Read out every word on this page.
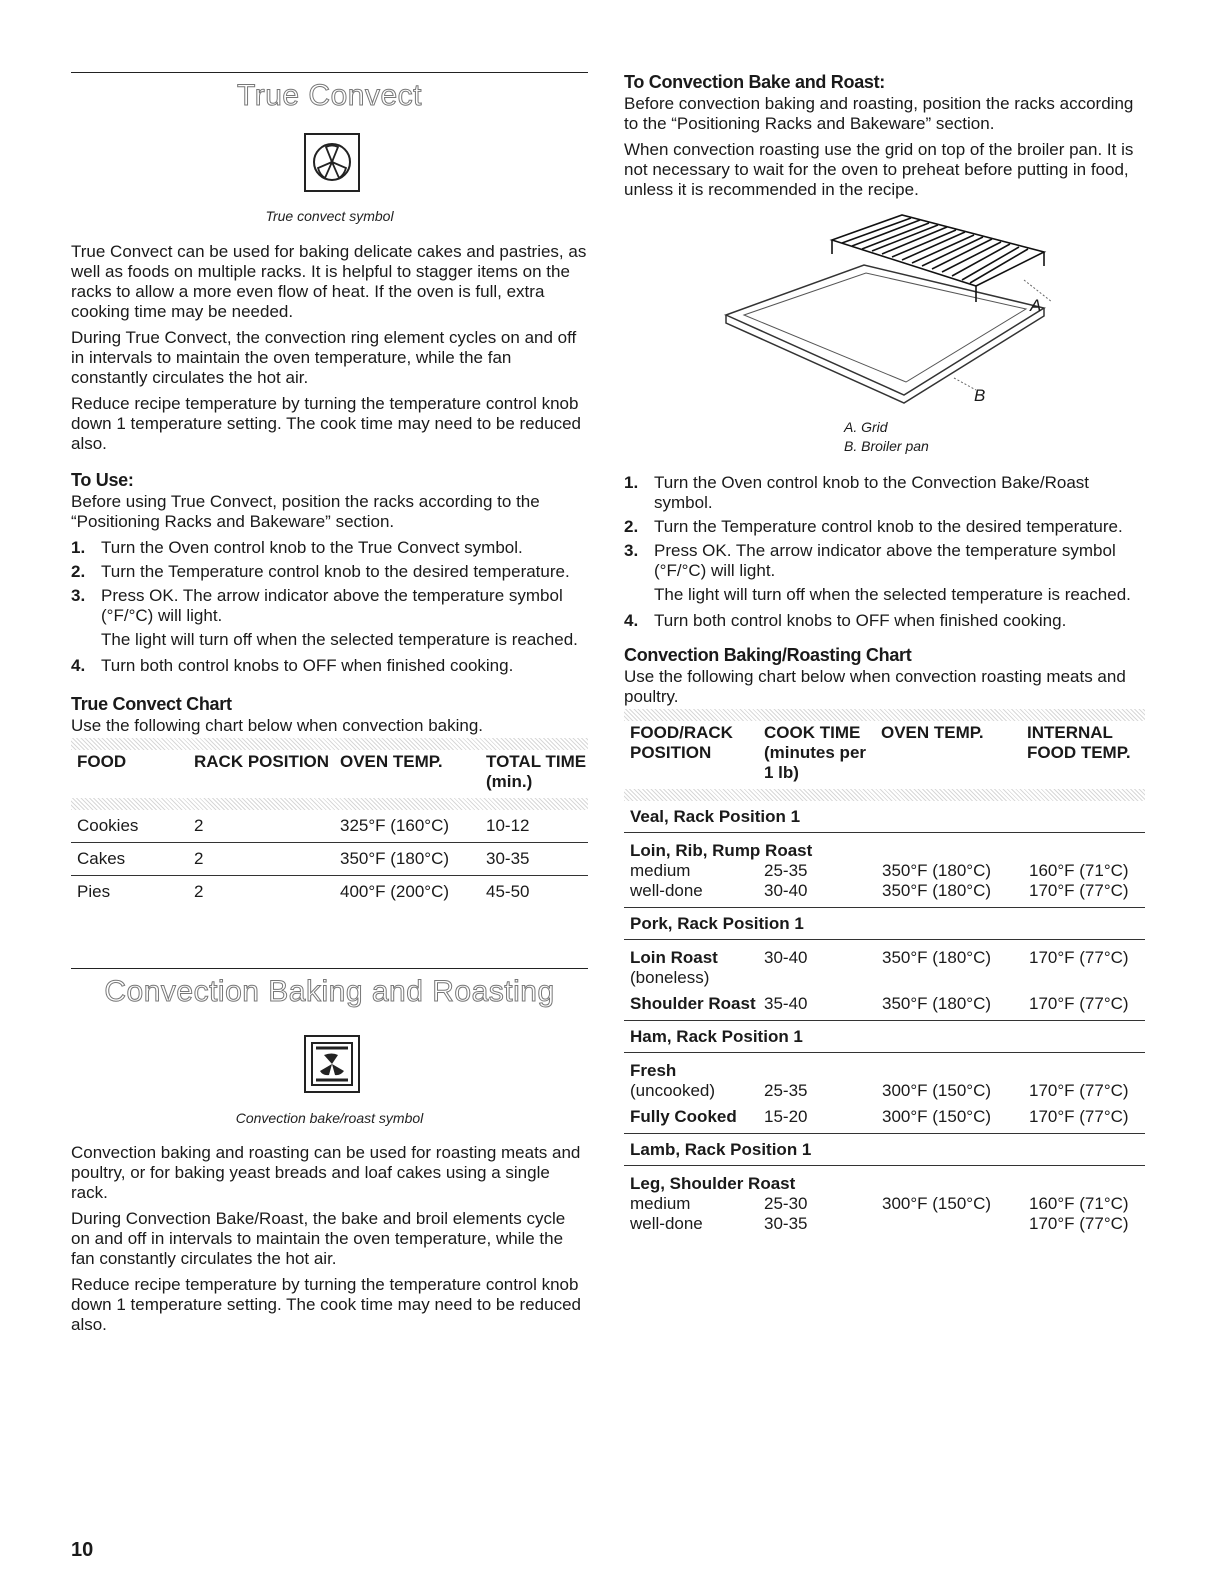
True Convect
True convect symbol

True Convect can be used for baking delicate cakes and pastries, as well as foods on multiple racks. It is helpful to stagger items on the racks to allow a more even flow of heat. If the oven is full, extra cooking time may be needed.

During True Convect, the convection ring element cycles on and off in intervals to maintain the oven temperature, while the fan constantly circulates the hot air.

Reduce recipe temperature by turning the temperature control knob down 1 temperature setting. The cook time may need to be reduced also.

To Use:

Before using True Convect, position the racks according to the “Positioning Racks and Bakeware” section.

1. Turn the Oven control knob to the True Convect symbol.
2. Turn the Temperature control knob to the desired temperature.
3. Press OK. The arrow indicator above the temperature symbol (°F/°C) will light.
The light will turn off when the selected temperature is reached.
4. Turn both control knobs to OFF when finished cooking.
True Convect Chart

Use the following chart below when convection baking.

FOOD	RACK POSITION	OVEN TEMP.	TOTAL TIME (min.)
Cookies	2	325°F (160°C)	10-12
Cakes	2	350°F (180°C)	30-35
Pies	2	400°F (200°C)	45-50
Convection Baking and Roasting
Convection bake/roast symbol

Convection baking and roasting can be used for roasting meats and poultry, or for baking yeast breads and loaf cakes using a single rack.

During Convection Bake/Roast, the bake and broil elements cycle on and off in intervals to maintain the oven temperature, while the fan constantly circulates the hot air.

Reduce recipe temperature by turning the temperature control knob down 1 temperature setting. The cook time may need to be reduced also.

To Convection Bake and Roast:

Before convection baking and roasting, position the racks according to the “Positioning Racks and Bakeware” section.

When convection roasting use the grid on top of the broiler pan. It is not necessary to wait for the oven to preheat before putting in food, unless it is recommended in the recipe.

A
B
A. Grid
B. Broiler pan
1. Turn the Oven control knob to the Convection Bake/Roast symbol.
2. Turn the Temperature control knob to the desired temperature.
3. Press OK. The arrow indicator above the temperature symbol (°F/°C) will light.
The light will turn off when the selected temperature is reached.
4. Turn both control knobs to OFF when finished cooking.
Convection Baking/Roasting Chart

Use the following chart below when convection roasting meats and poultry.

FOOD/RACK POSITION	COOK TIME (minutes per 1 lb)	OVEN TEMP.	INTERNAL FOOD TEMP.
Veal, Rack Position 1			
Loin, Rib, Rump Roast			
medium	25-35	350°F (180°C)	160°F (71°C)
well-done	30-40	350°F (180°C)	170°F (77°C)
Pork, Rack Position 1			
Loin Roast
(boneless)	30-40	350°F (180°C)	170°F (77°C)
Shoulder Roast	35-40	350°F (180°C)	170°F (77°C)
Ham, Rack Position 1			
Fresh			
(uncooked)	25-35	300°F (150°C)	170°F (77°C)
Fully Cooked	15-20	300°F (150°C)	170°F (77°C)
Lamb, Rack Position 1			
Leg, Shoulder Roast			
medium	25-30	300°F (150°C)	160°F (71°C)
well-done	30-35		170°F (77°C)
10
